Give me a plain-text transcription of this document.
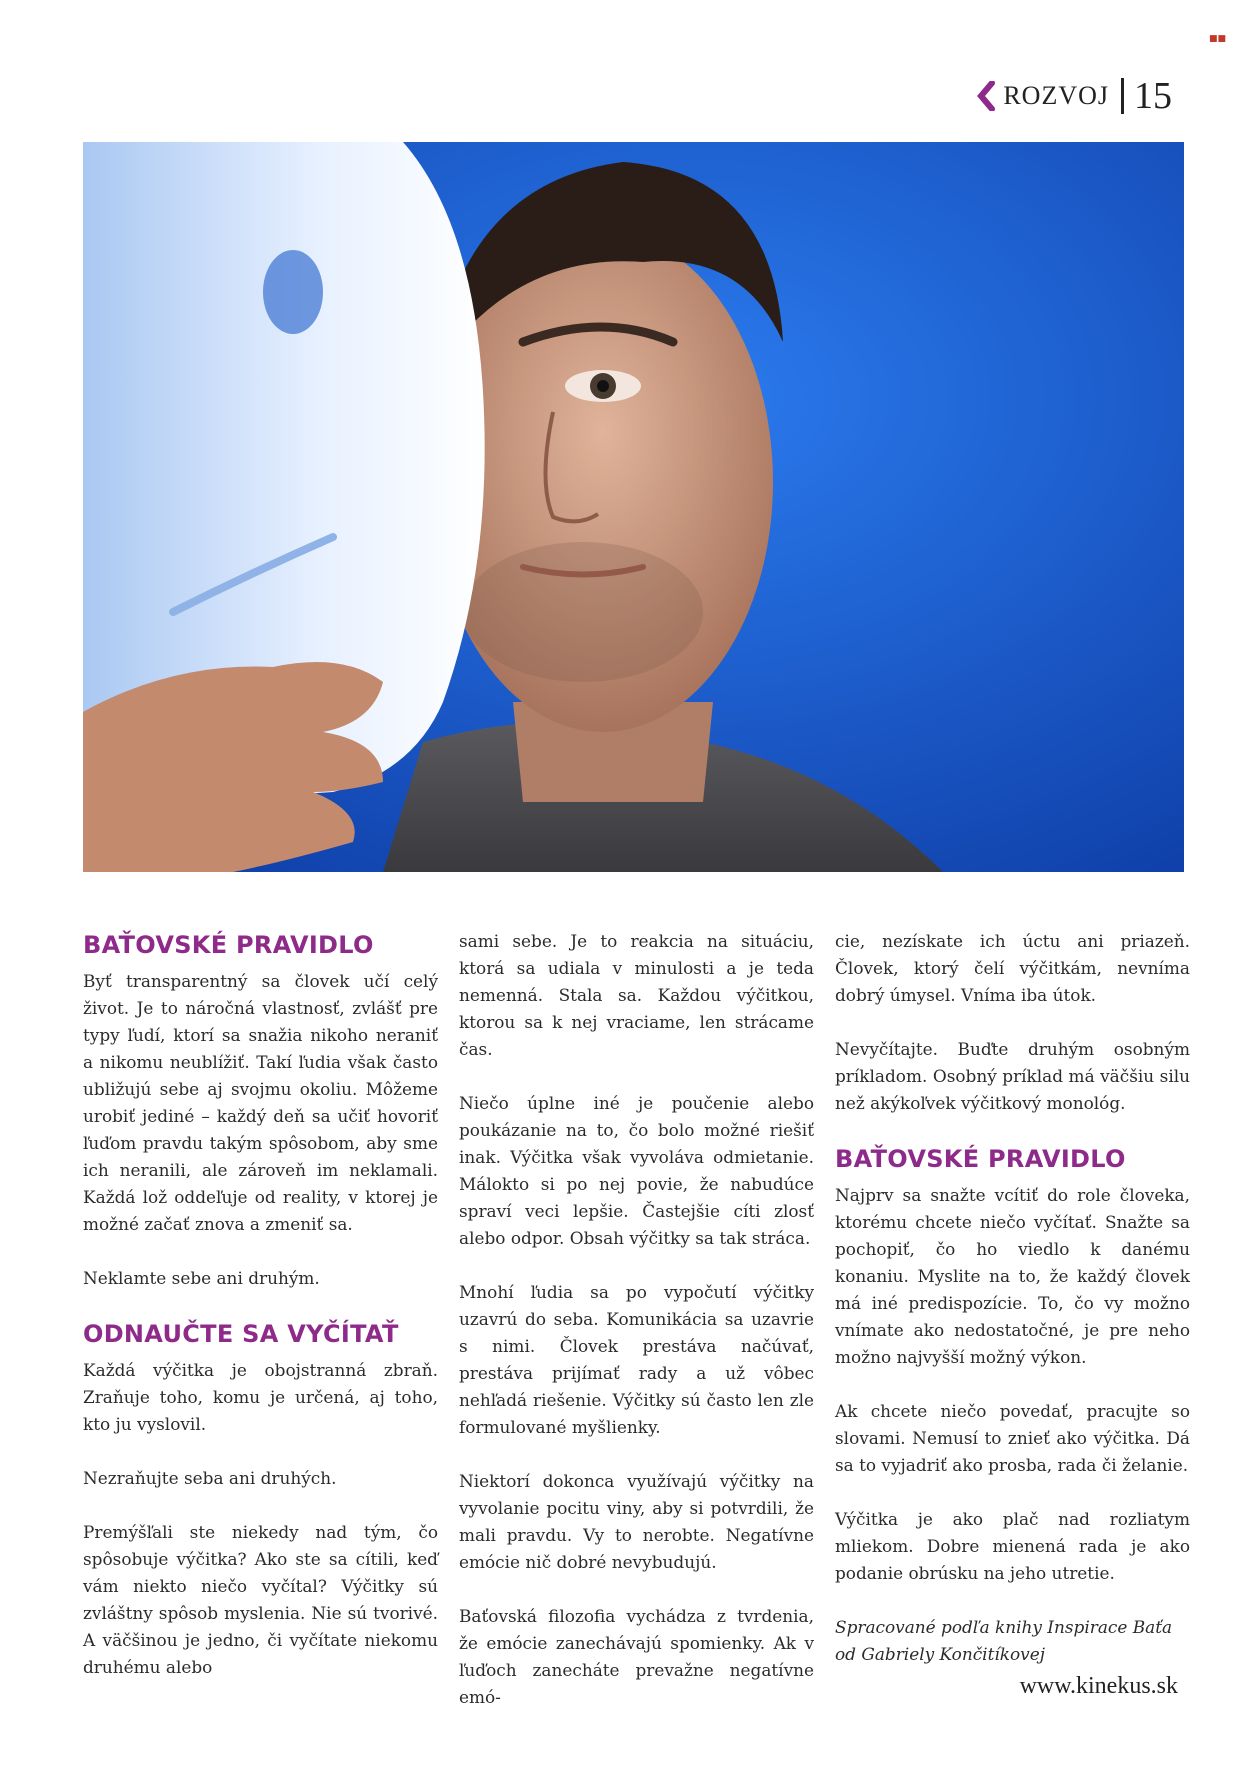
■■
ROZVOJ 15
BAŤOVSKÉ PRAVIDLO

Byť transparentný sa človek učí celý život. Je to náročná vlastnosť, zvlášť pre typy ľudí, ktorí sa snažia nikoho neraniť a nikomu neublížiť. Takí ľudia však často ubližujú sebe aj svojmu okoliu. Môžeme urobiť jediné – každý deň sa učiť hovoriť ľuďom pravdu takým spôsobom, aby sme ich neranili, ale zároveň im neklamali. Každá lož oddeľuje od reality, v ktorej je možné začať znova a zmeniť sa.

Neklamte sebe ani druhým.

ODNAUČTE SA VYČÍTAŤ

Každá výčitka je obojstranná zbraň. Zraňuje toho, komu je určená, aj toho, kto ju vyslovil.

Nezraňujte seba ani druhých.

Premýšľali ste niekedy nad tým, čo spôsobuje výčitka? Ako ste sa cítili, keď vám niekto niečo vyčítal? Výčitky sú zvláštny spôsob myslenia. Nie sú tvorivé. A väčšinou je jedno, či vyčítate niekomu druhému alebo

sami sebe. Je to reakcia na situáciu, ktorá sa udiala v minulosti a je teda nemenná. Stala sa. Každou výčitkou, ktorou sa k nej vraciame, len strácame čas.

Niečo úplne iné je poučenie alebo poukázanie na to, čo bolo možné riešiť inak. Výčitka však vyvoláva odmietanie. Málokto si po nej povie, že nabudúce spraví veci lepšie. Častejšie cíti zlosť alebo odpor. Obsah výčitky sa tak stráca.

Mnohí ľudia sa po vypočutí výčitky uzavrú do seba. Komunikácia sa uzavrie s nimi. Človek prestáva načúvať, prestáva prijímať rady a už vôbec nehľadá riešenie. Výčitky sú často len zle formulované myšlienky.

Niektorí dokonca využívajú výčitky na vyvolanie pocitu viny, aby si potvrdili, že mali pravdu. Vy to nerobte. Negatívne emócie nič dobré nevybudujú.

Baťovská filozofia vychádza z tvrdenia, že emócie zanechávajú spomienky. Ak v ľuďoch zanecháte prevažne negatívne emó-

cie, nezískate ich úctu ani priazeň. Človek, ktorý čelí výčitkám, nevníma dobrý úmysel. Vníma iba útok.

Nevyčítajte. Buďte druhým osobným príkladom. Osobný príklad má väčšiu silu než akýkoľvek výčitkový monológ.

BAŤOVSKÉ PRAVIDLO

Najprv sa snažte vcítiť do role človeka, ktorému chcete niečo vyčítať. Snažte sa pochopiť, čo ho viedlo k danému konaniu. Myslite na to, že každý človek má iné predispozície. To, čo vy možno vnímate ako nedostatočné, je pre neho možno najvyšší možný výkon.

Ak chcete niečo povedať, pracujte so slovami. Nemusí to znieť ako výčitka. Dá sa to vyjadriť ako prosba, rada či želanie.

Výčitka je ako plač nad rozliatym mliekom. Dobre mienená rada je ako podanie obrúsku na jeho utretie.

Spracované podľa knihy Inspirace Baťa od Gabriely Končitíkovej

www.kinekus.sk
